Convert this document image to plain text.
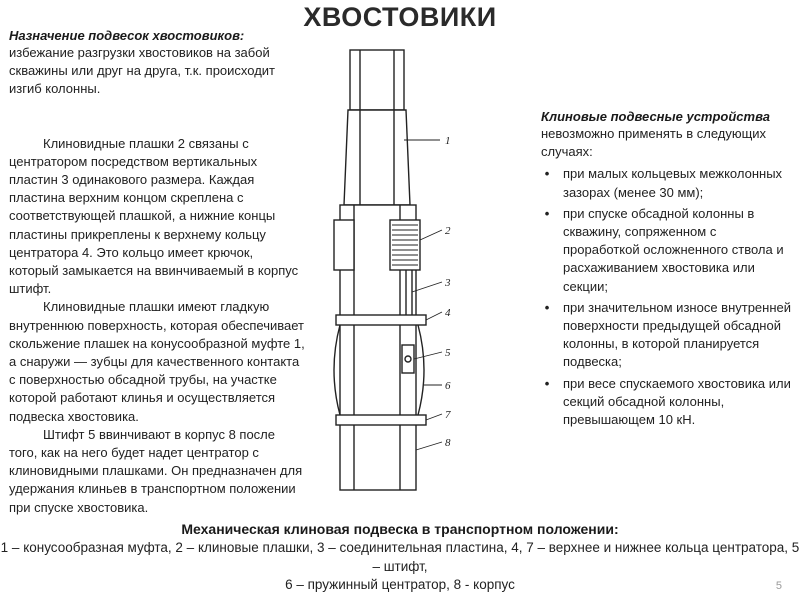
ХВОСТОВИКИ
Назначение подвесок хвостовиков:
избежание разгрузки хвостовиков на забой скважины или друг на друга, т.к. происходит изгиб колонны.
Клиновидные плашки 2 связаны с центратором посредством вертикальных пластин 3 одинакового размера. Каждая пластина верхним концом скреплена с соответствующей плашкой, а нижние концы пластины прикреплены к верхнему кольцу центратора 4. Это кольцо имеет крючок, который замыкается на ввинчиваемый в корпус штифт.
Клиновидные плашки имеют гладкую внутреннюю поверхность, которая обеспечивает скольжение плашек на конусообразной муфте 1, а снаружи — зубцы для качественного контакта с поверхностью обсадной трубы, на участке которой работают клинья и осуществляется подвеска хвостовика.
Штифт 5 ввинчивают в корпус 8 после того, как на него будет надет центратор с клиновидными плашками. Он предназначен для удержания клиньев в транспортном положении при спуске хвостовика.
1
2
3
4
5
6
7
8
Клиновые подвесные устройства
невозможно применять в следующих случаях:
• при малых кольцевых межколонных зазорах (менее 30 мм);
• при спуске обсадной колонны в скважину, сопряженном с проработкой осложненного ствола и расхаживанием хвостовика или секции;
• при значительном износе внутренней поверхности предыдущей обсадной колонны, в которой планируется подвеска;
• при весе спускаемого хвостовика или секций обсадной колонны, превышающем 10 кН.
Механическая клиновая подвеска в транспортном положении:
1 – конусообразная муфта, 2 – клиновые плашки, 3 – соединительная пластина, 4, 7 – верхнее и нижнее кольца центратора, 5 – штифт,
6 – пружинный центратор, 8 - корпус	5
